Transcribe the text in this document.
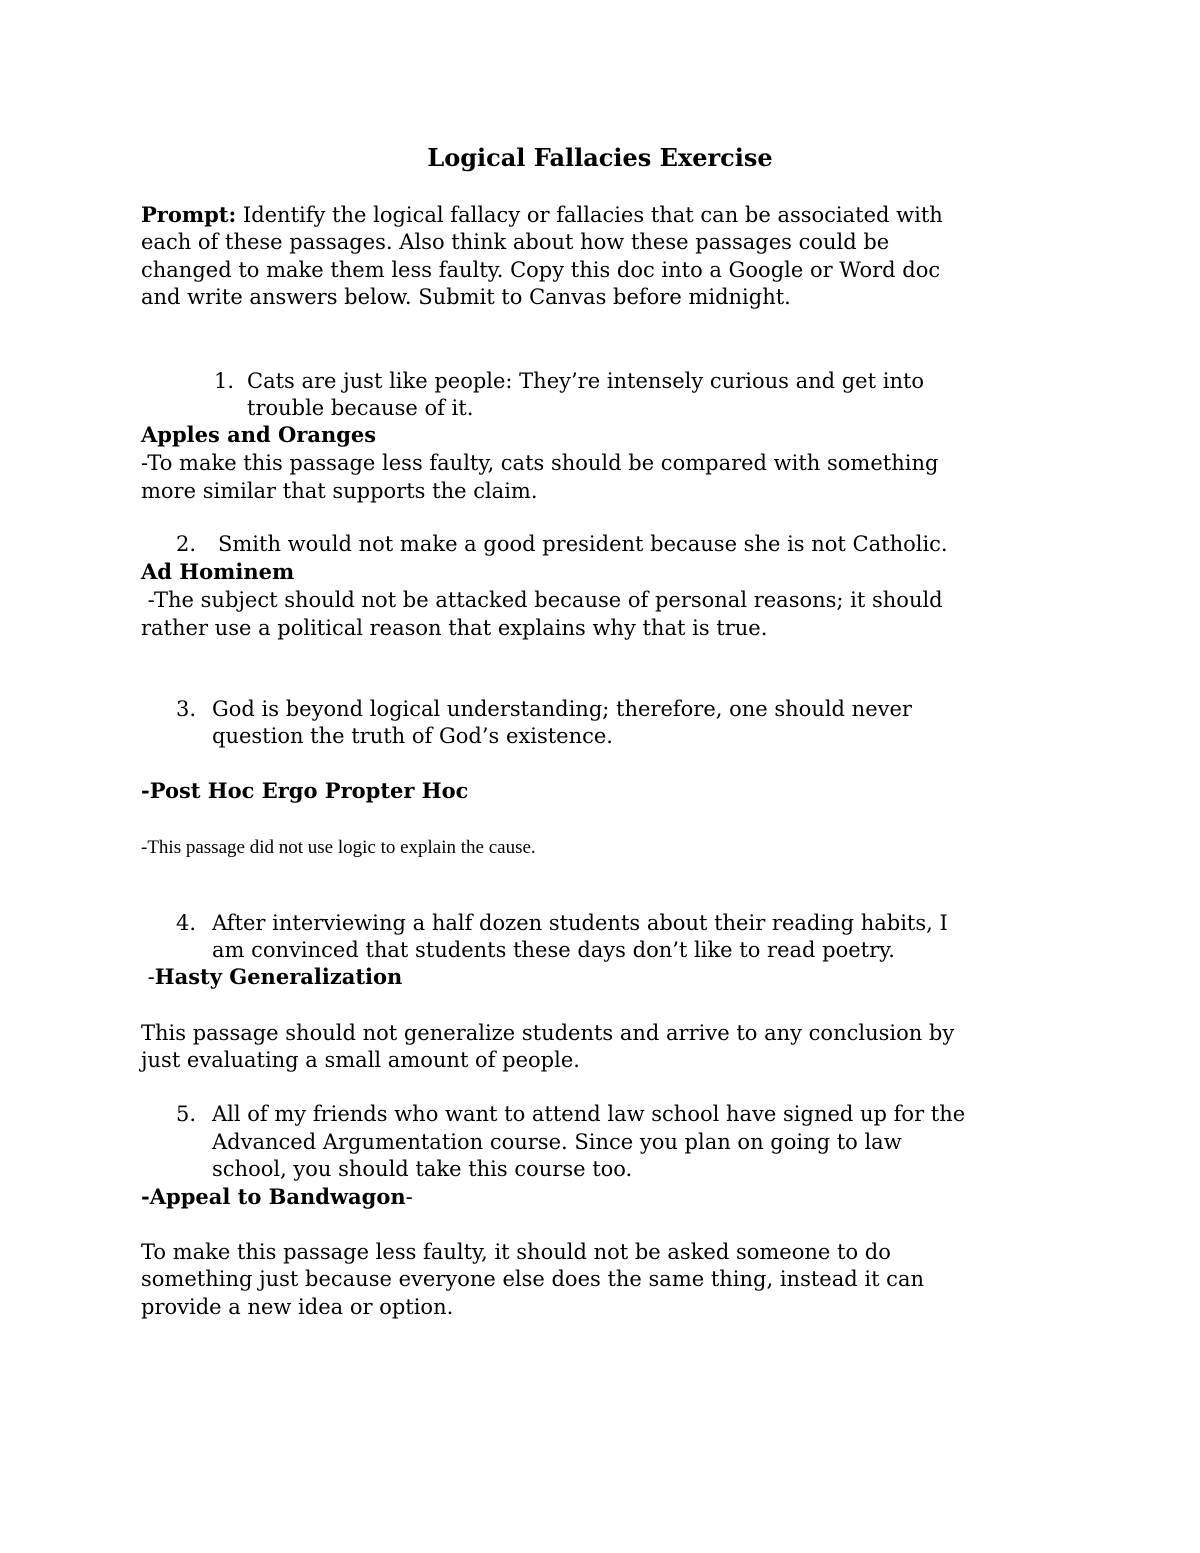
Logical Fallacies Exercise
Prompt: Identify the logical fallacy or fallacies that can be associated with
each of these passages. Also think about how these passages could be
changed to make them less faulty. Copy this doc into a Google or Word doc
and write answers below. Submit to Canvas before midnight.
1. Cats are just like people: They’re intensely curious and get into
trouble because of it.
Apples and Oranges
-To make this passage less faulty, cats should be compared with something
more similar that supports the claim.
2. Smith would not make a good president because she is not Catholic.
Ad Hominem
-The subject should not be attacked because of personal reasons; it should
rather use a political reason that explains why that is true.
3. God is beyond logical understanding; therefore, one should never
question the truth of God’s existence.
-Post Hoc Ergo Propter Hoc
-This passage did not use logic to explain the cause.
4. After interviewing a half dozen students about their reading habits, I
am convinced that students these days don’t like to read poetry.
-Hasty Generalization
This passage should not generalize students and arrive to any conclusion by
just evaluating a small amount of people.
5. All of my friends who want to attend law school have signed up for the
Advanced Argumentation course. Since you plan on going to law
school, you should take this course too.
-Appeal to Bandwagon-
To make this passage less faulty, it should not be asked someone to do
something just because everyone else does the same thing, instead it can
provide a new idea or option.
